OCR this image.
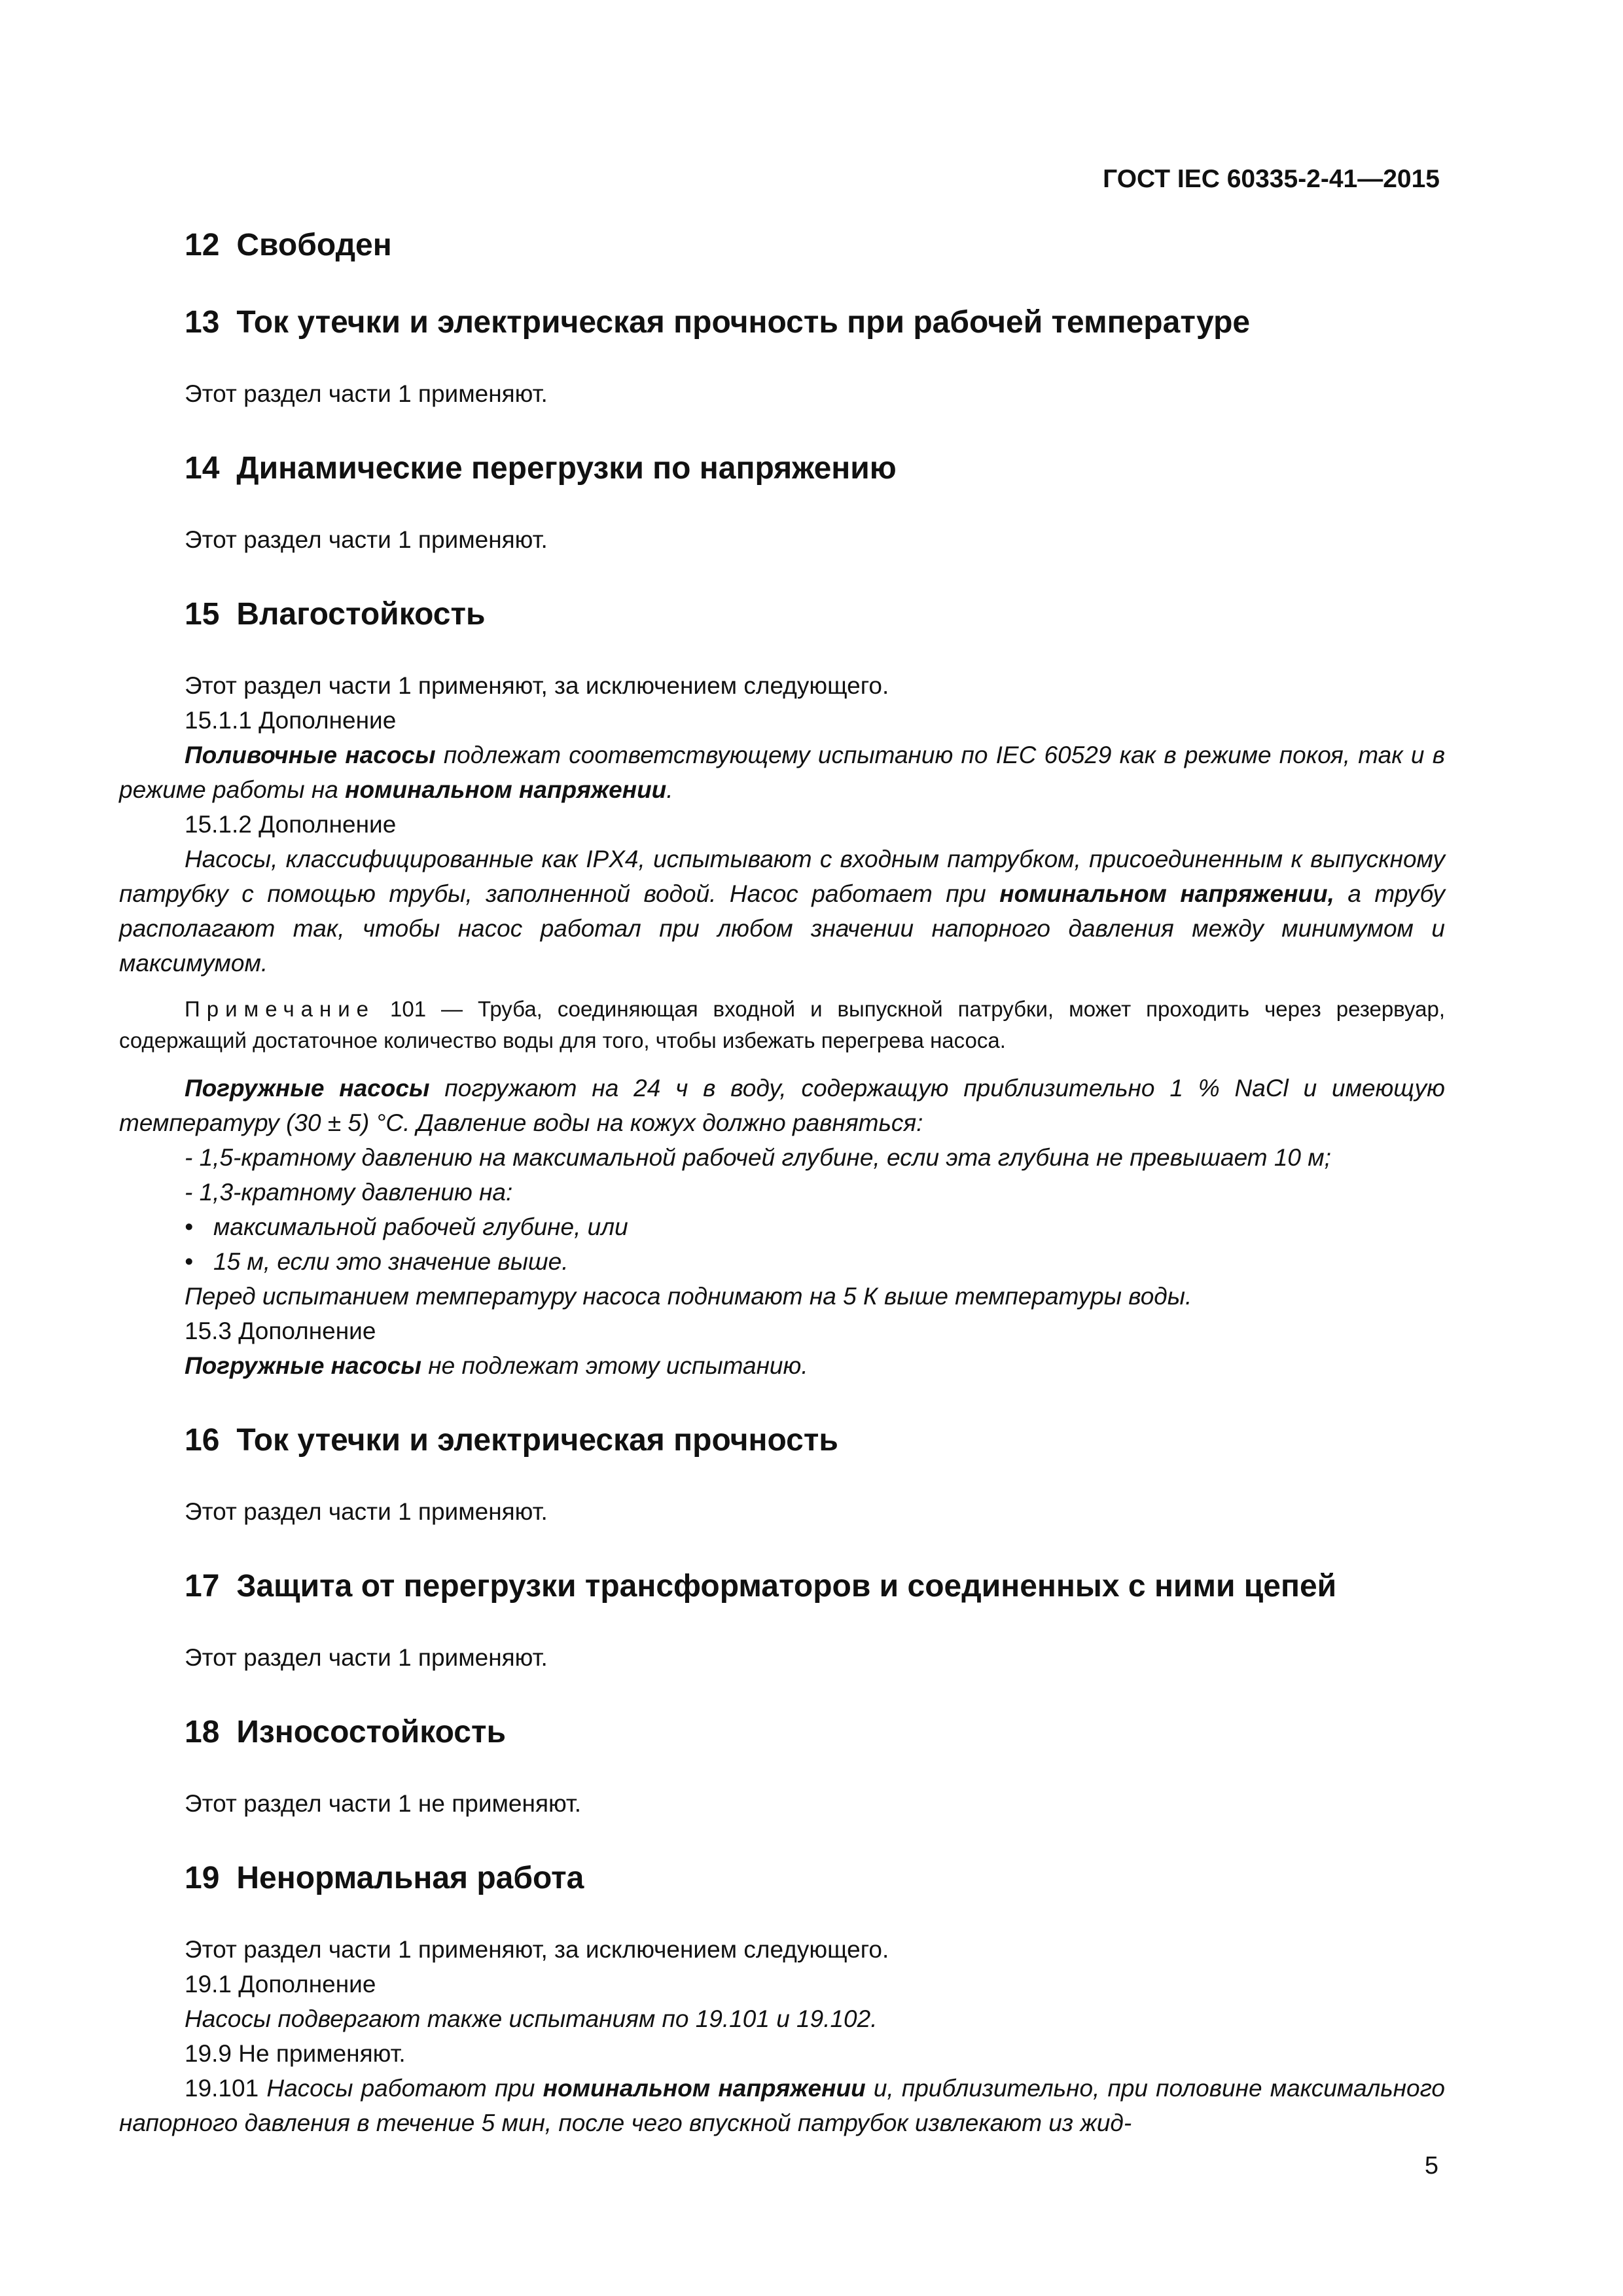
ГОСТ IEC 60335-2-41—2015
12 Свободен
13 Ток утечки и электрическая прочность при рабочей температуре

Этот раздел части 1 применяют.

14 Динамические перегрузки по напряжению

Этот раздел части 1 применяют.

15 Влагостойкость

Этот раздел части 1 применяют, за исключением следующего.

15.1.1 Дополнение

Поливочные насосы подлежат соответствующему испытанию по IEC 60529 как в режиме покоя, так и в режиме работы на номинальном напряжении.

15.1.2 Дополнение

Насосы, классифицированные как IPX4, испытывают с входным патрубком, присоединенным к выпускному патрубку с помощью трубы, заполненной водой. Насос работает при номинальном напряжении, а трубу располагают так, чтобы насос работал при любом значении напорного давления между минимумом и максимумом.

Примечание 101 — Труба, соединяющая входной и выпускной патрубки, может проходить через резервуар, содержащий достаточное количество воды для того, чтобы избежать перегрева насоса.

Погружные насосы погружают на 24 ч в воду, содержащую приблизительно 1 % NaCl и имеющую температуру (30 ± 5) °С. Давление воды на кожух должно равняться:

- 1,5-кратному давлению на максимальной рабочей глубине, если эта глубина не превышает 10 м;

- 1,3-кратному давлению на:

• максимальной рабочей глубине, или

• 15 м, если это значение выше.

Перед испытанием температуру насоса поднимают на 5 К выше температуры воды.

15.3 Дополнение

Погружные насосы не подлежат этому испытанию.

16 Ток утечки и электрическая прочность

Этот раздел части 1 применяют.

17 Защита от перегрузки трансформаторов и соединенных с ними цепей

Этот раздел части 1 применяют.

18 Износостойкость

Этот раздел части 1 не применяют.

19 Ненормальная работа

Этот раздел части 1 применяют, за исключением следующего.

19.1 Дополнение

Насосы подвергают также испытаниям по 19.101 и 19.102.

19.9 Не применяют.

19.101 Насосы работают при номинальном напряжении и, приблизительно, при половине максимального напорного давления в течение 5 мин, после чего впускной патрубок извлекают из жид-

5
